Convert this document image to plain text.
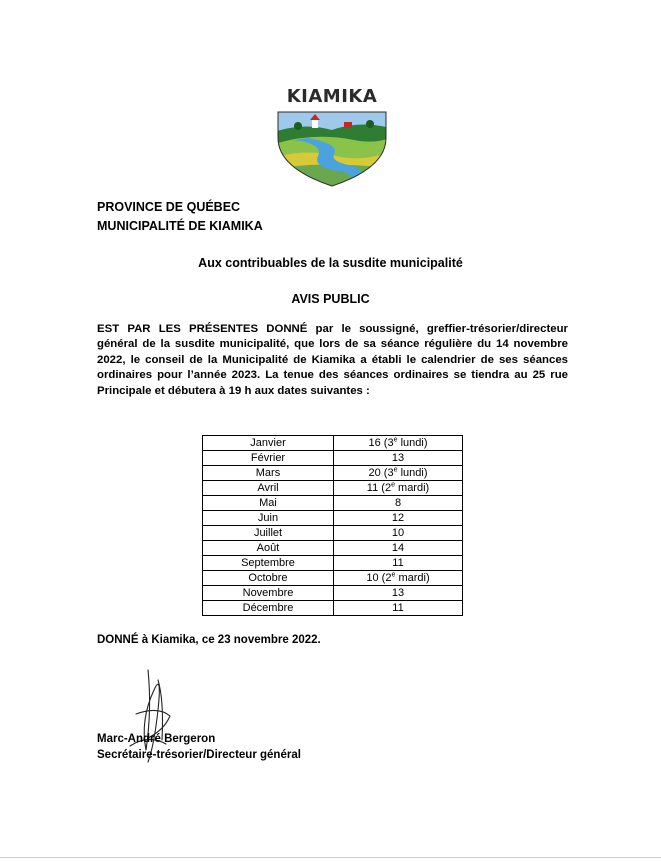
KIAMIKA
PROVINCE DE QUÉBEC
MUNICIPALITÉ DE KIAMIKA
Aux contribuables de la susdite municipalité
AVIS PUBLIC
EST PAR LES PRÉSENTES DONNÉ par le soussigné, greffier-trésorier/directeur général de la susdite municipalité, que lors de sa séance régulière du 14 novembre 2022, le conseil de la Municipalité de Kiamika a établi le calendrier de ses séances ordinaires pour l’année 2023. La tenue des séances ordinaires se tiendra au 25 rue Principale et débutera à 19 h aux dates suivantes :
Janvier	16 (3e lundi)
Février	13
Mars	20 (3e lundi)
Avril	11 (2e mardi)
Mai	8
Juin	12
Juillet	10
Août	14
Septembre	11
Octobre	10 (2e mardi)
Novembre	13
Décembre	11
DONNÉ à Kiamika, ce 23 novembre 2022.
Marc-André Bergeron
Secrétaire-trésorier/Directeur général
